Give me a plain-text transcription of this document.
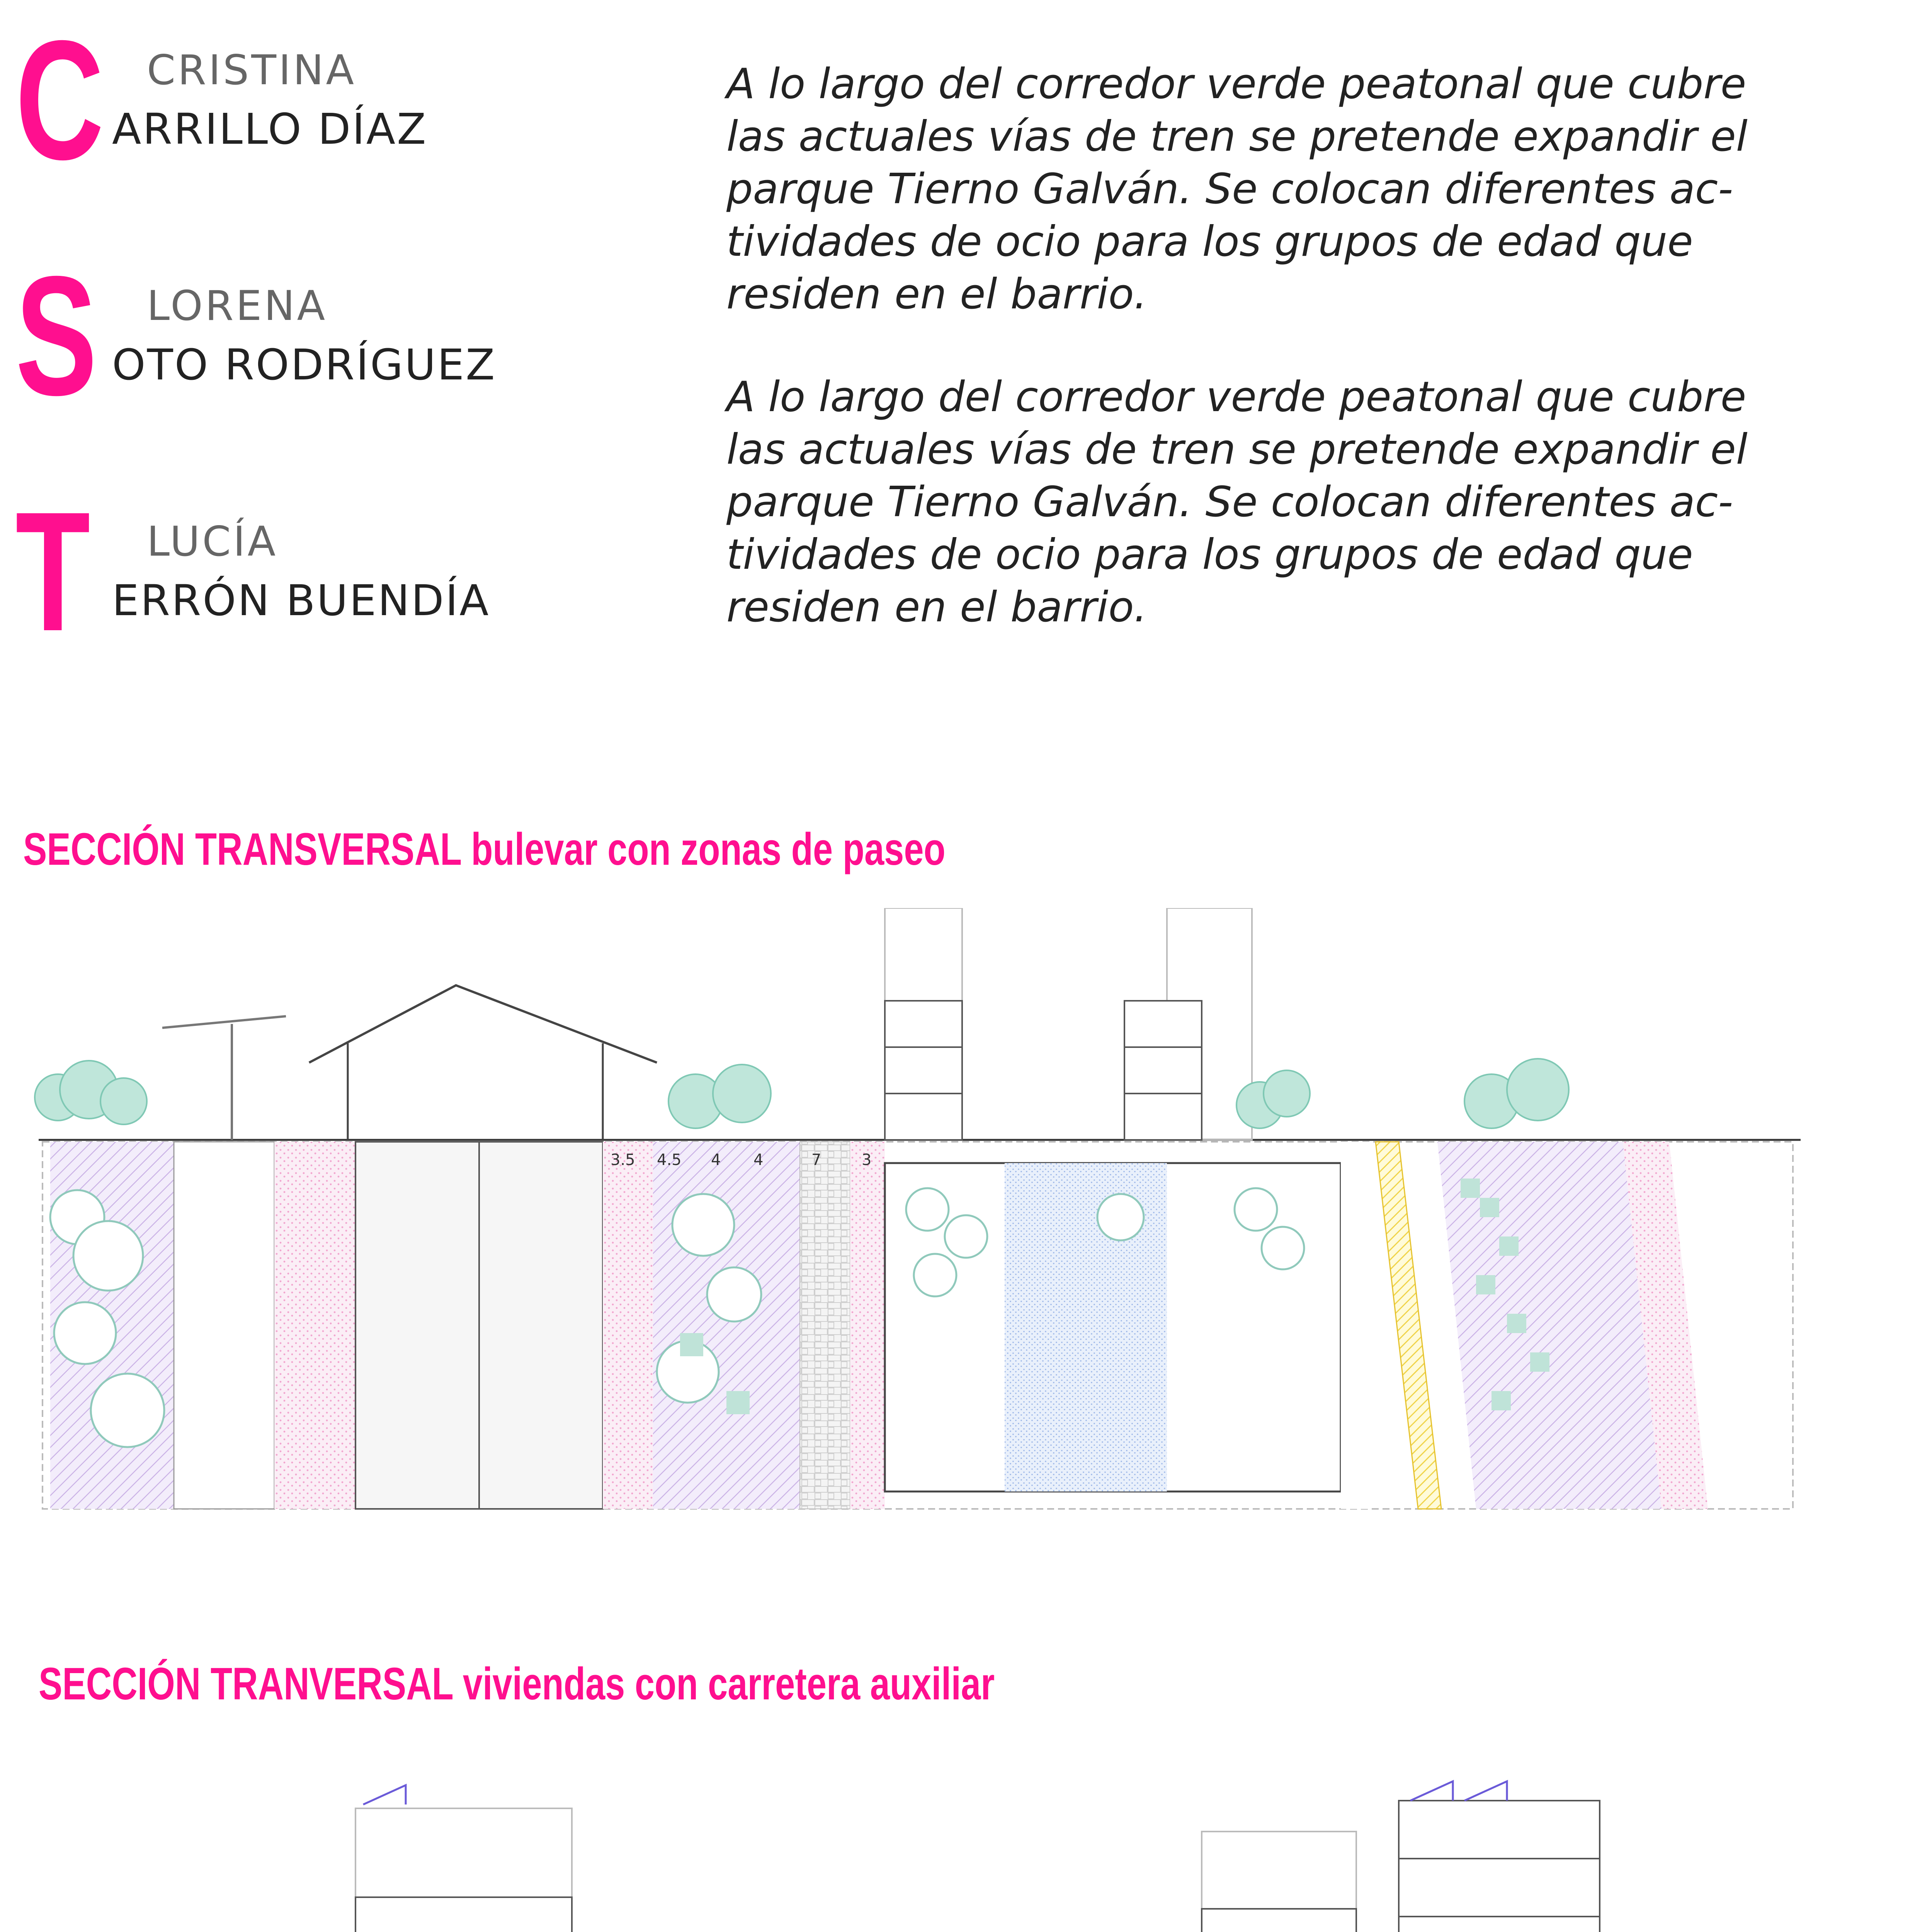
C CRISTINA
ARRILLO DÍAZ
S LORENA
OTO RODRÍGUEZ
T LUCÍA
ERRÓN BUENDÍA
A lo largo del corredor verde peatonal que cubre
las actuales vías de tren se pretende expandir el
parque Tierno Galván. Se colocan diferentes ac-
tividades de ocio para los grupos de edad que
residen en el barrio.
A lo largo del corredor verde peatonal que cubre
las actuales vías de tren se pretende expandir el
parque Tierno Galván. Se colocan diferentes ac-
tividades de ocio para los grupos de edad que
residen en el barrio.
SECCIÓN TRANSVERSAL bulevar con zonas de paseo
3.5 4.5 4 4	7	3
SECCIÓN TRANVERSAL viviendas con carretera auxiliar
